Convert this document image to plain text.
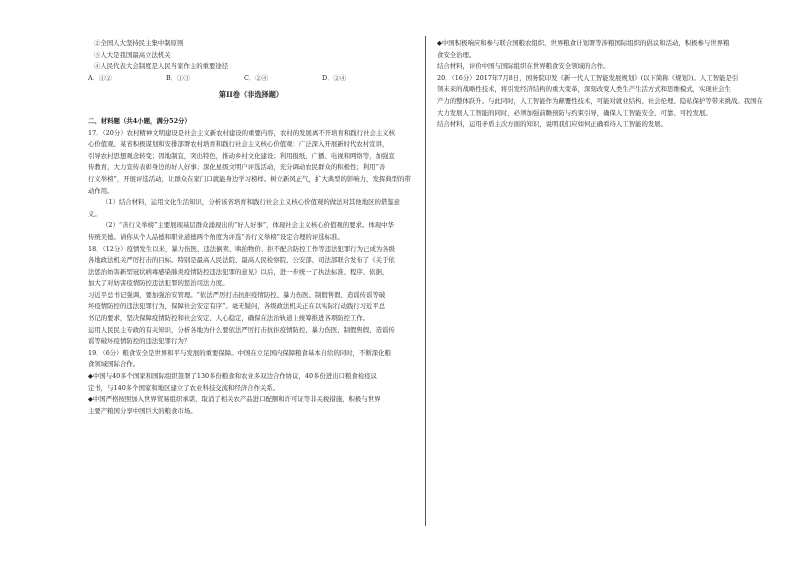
②全国人大坚持民主集中制原则

③人大是我国最高立法机关

④人民代表大会制度是人民当家作主的重要途径

A．①②	B．①③	C．②④	D．②④
第II卷（非选择题）

二、材料题（共4小题，满分52分）

17．（20分）农村精神文明建设是社会主义新农村建设的重要内容，农村的发展离不开培育和践行社会主义核

心价值观。某省积极谋划和安排部署农村培育和践行社会主义核心价值观：广泛深入开展新时代农村宣讲，

引导农村思想观念转变；因地制宜，突出特色，推动乡村文化建设；利用报纸、广播、电视和网络等，加强宣

传教育，大力宣传表彰身边的好人好事；深化星级文明户评选活动，充分调动农民群众的积极性；利用“善

行义举榜”，开展评选活动，让群众在家门口就能身边学习榜样。树立新风正气，扩大典型的影响力，发挥典型的带动作用。

（1）结合材料，运用文化生活知识，分析该省培育和践行社会主义核心价值观的做法对其他地区的借鉴意

义。

（2）“善行义举榜”主要展现基层群众涌现出的“好人好事”，体现社会主义核心价值观的要求。体现中华

传统美德。请你从个人品德和职业道德两个角度为评选“善行义举榜”设定合理的评选标准。

18．（12分）疫情发生以来，暴力伤医、违法倒卖、哄抬物价、拒不配合防控工作等违法犯罪行为已成为各级

各地政法机关严厉打击的目标。特别是最高人民法院、最高人民检察院、公安部、司法部联合发布了《关于依

法惩治妨害新型冠状病毒感染肺炎疫情防控违法犯罪的意见》以后，进一步统一了执法标准、程序、依据，

加大了对妨害疫情防控违法犯罪的惩治司法力度。

习近平总书记强调，要加强治安管理。“依法严厉打击抗拒疫情防控、暴力伤医、制假售假、造谣传谣等破

坏疫情防控的违法犯罪行为，保障社会安定有序”。毫无疑问，各级政法机关正在以实际行动践行习近平总

书记的要求，坚决保障疫情防控和社会安定、人心稳定，确保在法治轨道上统筹推进各项防控工作。

运用人民民主专政的有关知识，分析各地为什么要依法严厉打击抗拒疫情防控、暴力伤医、制假售假、造谣传

谣等破坏疫情防控的违法犯罪行为？

19．（6分）粮食安全是世界和平与发展的重要保障。中国在立足国内保障粮食基本自给的同时，不断深化粮

食领域国际合作。

◆中国与40多个国家和国际组织签署了130多份粮食和农业多双边合作协议，40多份进出口粮食检疫议

定书，与140多个国家和地区建立了农业科技交流和经济合作关系。

◆中国严格按照加入世界贸易组织承诺，取消了相关农产品进口配额和许可证等非关税措施，积极与世界

主要产粮国分享中国巨大的粮食市场。

◆中国积极响应和参与联合国粮农组织、世界粮食计划署等涉粮国际组织的倡议和活动，积极参与世界粮

食安全治理。

结合材料，评价中国与国际组织在世界粮食安全领域的合作。

20．（16分）2017年7月8日，国务院印发《新一代人工智能发展规划》(以下简称《规划》)。人工智能是引

领未来的战略性技术，将引发经济结构的重大变革，深刻改变人类生产生活方式和思维模式，实现社会生

产力的整体跃升。与此同时，人工智能作为颠覆性技术，可能对就业结构、社会伦理、隐私保护等带来挑战。我国在

大力发展人工智能的同时，必须加强前瞻预防与约束引导，确保人工智能安全、可靠、可控发展。

结合材料，运用矛盾主次方面的知识，说明我们应如何正确看待人工智能的发展。
